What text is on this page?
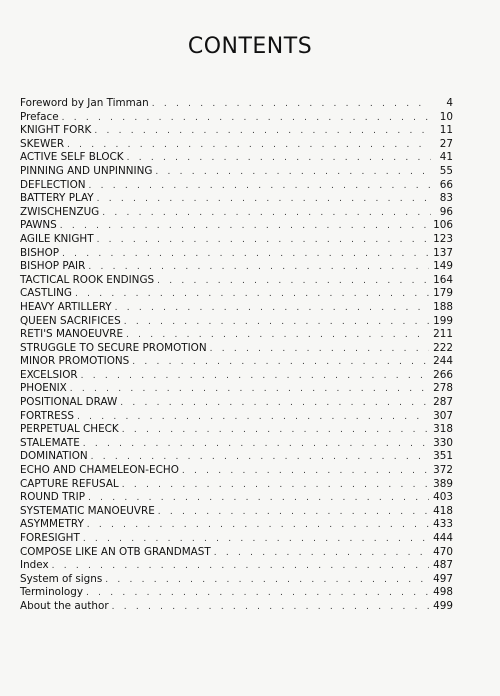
CONTENTS
Foreword by Jan Timman . . .	4
Preface . . .	10
KNIGHT FORK . . .	11
SKEWER . . .	27
ACTIVE SELF BLOCK . . .	41
PINNING AND UNPINNING . . .	55
DEFLECTION . . .	66
BATTERY PLAY . . .	83
ZWISCHENZUG . . .	96
PAWNS . . .	106
AGILE KNIGHT . . .	123
BISHOP . . .	137
BISHOP PAIR . . .	149
TACTICAL ROOK ENDINGS . . .	164
CASTLING . . .	179
HEAVY ARTILLERY . . .	188
QUEEN SACRIFICES . . .	199
RETI'S MANOEUVRE . . .	211
STRUGGLE TO SECURE PROMOTION . . .	222
MINOR PROMOTIONS . . .	244
EXCELSIOR . . .	266
PHOENIX . . .	278
POSITIONAL DRAW . . .	287
FORTRESS . . .	307
PERPETUAL CHECK . . .	318
STALEMATE . . .	330
DOMINATION . . .	351
ECHO AND CHAMELEON-ECHO . . .	372
CAPTURE REFUSAL . . .	389
ROUND TRIP . . .	403
SYSTEMATIC MANOEUVRE . . .	418
ASYMMETRY . . .	433
FORESIGHT . . .	444
COMPOSE LIKE AN OTB GRANDMAST . . .	470
Index . . .	487
System of signs . . .	497
Terminology . . .	498
About the author . . .	499
